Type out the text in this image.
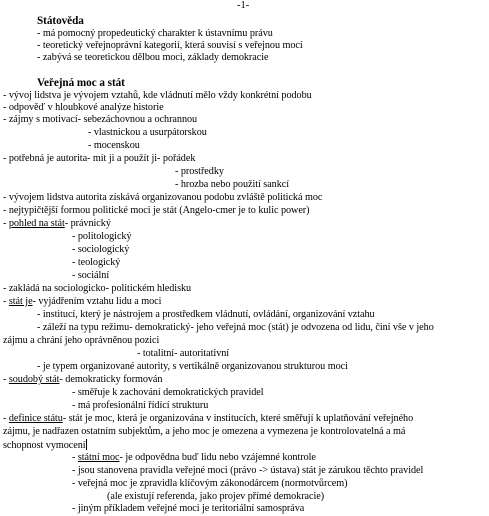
-1-
Státověda
- má pomocný propedeutický charakter k ústavnímu právu
- teoretický veřejnoprávní kategorií, která souvisí s veřejnou mocí
- zabývá se teoretickou dělbou moci, základy demokracie
Veřejná moc a stát
- vývoj lidstva je vývojem vztahů, kde vládnutí mělo vždy konkrétní podobu
- odpověď v hloubkové analýze historie
- zájmy s motivací- sebezáchovnou a ochrannou
- vlastnickou a usurpátorskou
- mocenskou
- potřebná je autorita- mít ji a použít ji- pořádek
- prostředky
- hrozba nebo použití sankcí
- vývojem lidstva autorita získává organizovanou podobu zvláště politická moc
- nejtypičtější formou politické moci je stát (Angelo-cmer je to kulic power)
- pohled na stát- právnický
- politologický
- sociologický
- teologický
- sociální
- zakládá na sociologicko- politickém hledisku
- stát je- vyjádřením vztahu lidu a moci
- institucí, který je nástrojem a prostředkem vládnutí, ovládání, organizování vztahu
- záleží na typu režimu- demokratický- jeho veřejná moc (stát) je odvozena od lidu, činí vše v jeho
zájmu a chrání jeho oprávněnou pozici
- totalitní- autoritativní
- je typem organizované autority, s vertikálně organizovanou strukturou moci
- soudobý stát- demokraticky formován
- směřuje k zachování demokratických pravidel
- má profesionální řídící strukturu
- definice státu- stát je moc, která je organizována v institucích, které směřují k uplatňování veřejného
zájmu, je nadřazen ostatním subjektům, a jeho moc je omezena a vymezena je kontrolovatelná a má
schopnost vymocení
- státní moc- je odpovědna buď lidu nebo vzájemné kontrole
- jsou stanovena pravidla veřejné moci (právo -> ústava) stát je zárukou těchto pravidel
- veřejná moc je zpravidla klíčovým zákonodárcem (normotvůrcem)
(ale existují referenda, jako projev přímé demokracie)
- jiným příkladem veřejné moci je teritoriální samospráva
